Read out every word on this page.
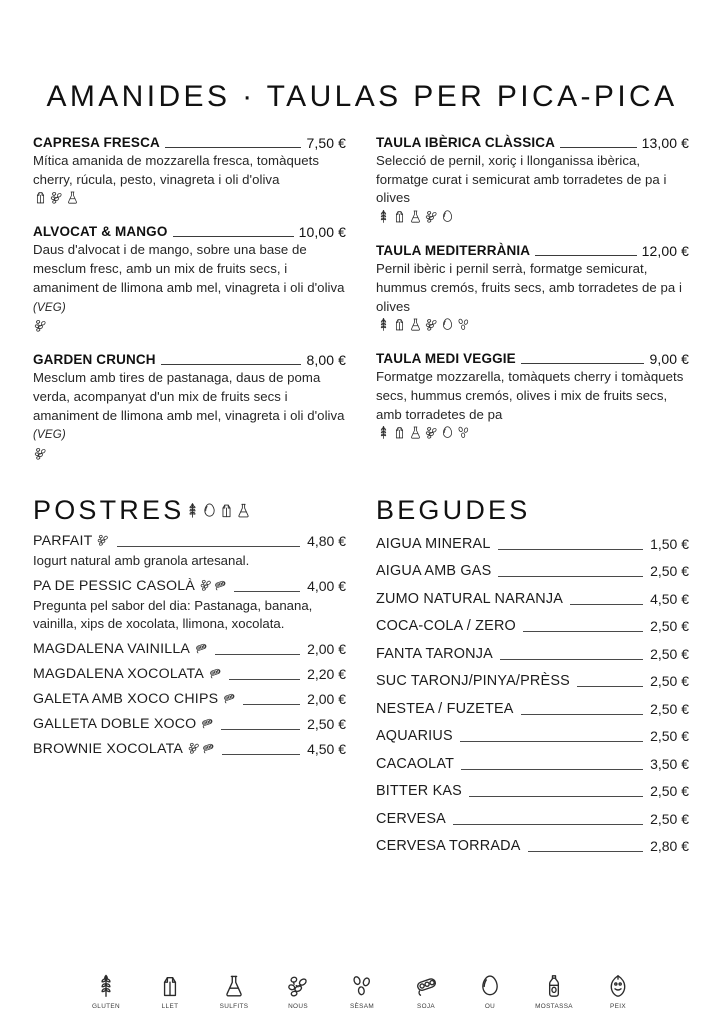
AMANIDES · TAULAS PER PICA-PICA
CAPRESA FRESCA	7,50 €
Mítica amanida de mozzarella fresca, tomàquets cherry, rúcula, pesto, vinagreta i oli d'oliva
ALVOCAT & MANGO	10,00 €
Daus d'alvocat i de mango, sobre una base de mesclum fresc, amb un mix de fruits secs, i amaniment de llimona amb mel, vinagreta i oli d'oliva (VEG)
GARDEN CRUNCH	8,00 €
Mesclum amb tires de pastanaga, daus de poma verda, acompanyat d'un mix de fruits secs i amaniment de llimona amb mel, vinagreta i oli d'oliva (VEG)
TAULA IBÈRICA CLÀSSICA	13,00 €
Selecció de pernil, xoriç i llonganissa ibèrica, formatge curat i semicurat amb torradetes de pa i olives
TAULA MEDITERRÀNIA	12,00 €
Pernil ibèric i pernil serrà, formatge semicurat, hummus cremós, fruits secs, amb torradetes de pa i olives
TAULA MEDI VEGGIE	9,00 €
Formatge mozzarella, tomàquets cherry i tomàquets secs, hummus cremós, olives i mix de fruits secs, amb torradetes de pa
POSTRES
PARFAIT	4,80 €
Iogurt natural amb granola artesanal.
PA DE PESSIC CASOLÀ	4,00 €
Pregunta pel sabor del dia: Pastanaga, banana, vainilla, xips de xocolata, llimona, xocolata.
MAGDALENA VAINILLA	2,00 €
MAGDALENA XOCOLATA	2,20 €
GALETA AMB XOCO CHIPS	2,00 €
GALLETA DOBLE XOCO	2,50 €
BROWNIE XOCOLATA	4,50 €
BEGUDES
AIGUA MINERAL	1,50 €
AIGUA AMB GAS	2,50 €
ZUMO NATURAL NARANJA	4,50 €
COCA-COLA / ZERO	2,50 €
FANTA TARONJA	2,50 €
SUC TARONJ/PINYA/PRÈSS	2,50 €
NESTEA / FUZETEA	2,50 €
AQUARIUS	2,50 €
CACAOLAT	3,50 €
BITTER KAS	2,50 €
CERVESA	2,50 €
CERVESA TORRADA	2,80 €
GLUTEN	LLET	SULFITS	NOUS	SÈSAM	SOJA	OU	MOSTASSA	PEIX
